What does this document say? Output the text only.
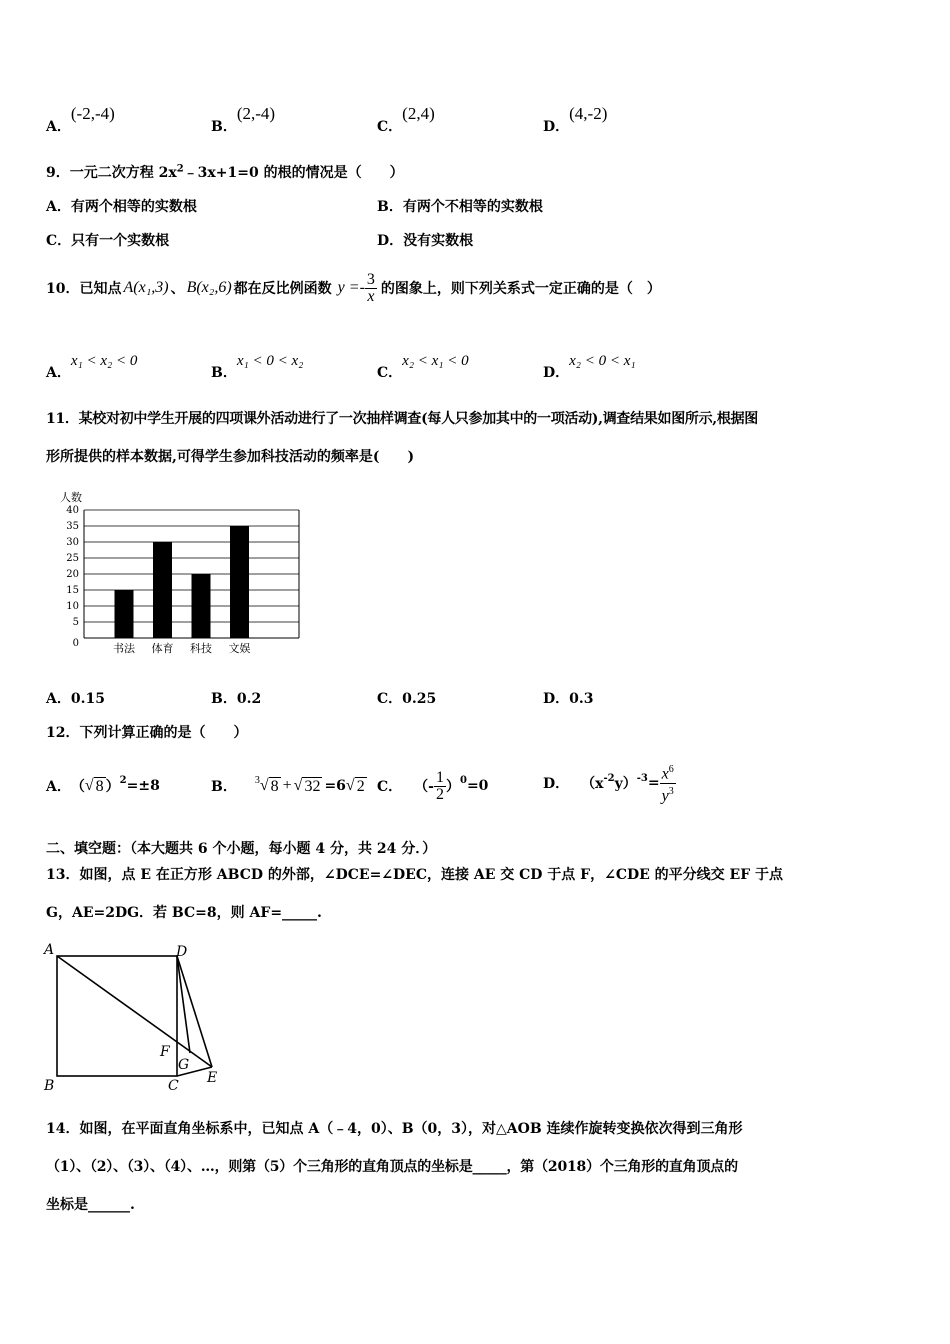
A．(-2,-4)
B．(2,-4)
C．(2,4)
D．(4,-2)
9．一元二次方程 $2x^2﹣3x+1=0$ 的根的情况是（　　）
A．有两个相等的实数根	B．有两个不相等的实数根
C．只有一个实数根	D．没有实数根
10．已知点 A(x₁,3) 、 B(x₂,6) 都在反比例函数 $y =- \frac{3}{x}$ 的图象上，则下列关系式一定正确的是（　）
A．x₁ < x₂ < 0
B．x₁ < 0 < x₂
C．x₂ < x₁ < 0
D．x₂ < 0 < x₁
11．某校对初中学生开展的四项课外活动进行了一次抽样调查(每人只参加其中的一项活动),调查结果如图所示,根据图
形所提供的样本数据,可得学生参加科技活动的频率是(　　)
人数
0
5
10
15
20
25
30
35
40
书法 体育 科技 文娱
A．0.15	B．0.2	C．0.25	D．0.3
12．下列计算正确的是（　　）
A． （ √ 8 ）$^2$ =±8	B． $^3$ √ 8 + √ 32 =6 √ 2 C． （- $\frac{1}{2} )^0 =0$	D． （$x^{-2}$ $y)^{-3} = \frac{x^6}{y^3}$
二、填空题：（本大题共 6 个小题，每小题 4 分，共 24 分．）
13．如图，点 E 在正方形 ABCD 的外部，∠DCE=∠DEC，连接 AE 交 CD 于点 F，∠CDE 的平分线交 EF 于点
G，AE=2DG．若 BC=8，则 AF=_____.
A	D
F
G
B	C E
14．如图，在平面直角坐标系中，已知点 A（﹣4，0）、B（0，3），对△AOB 连续作旋转变换依次得到三角形
（1）、（2）、（3）、（4）、…，则第（5）个三角形的直角顶点的坐标是_____，第（2018）个三角形的直角顶点的
坐标是______.
